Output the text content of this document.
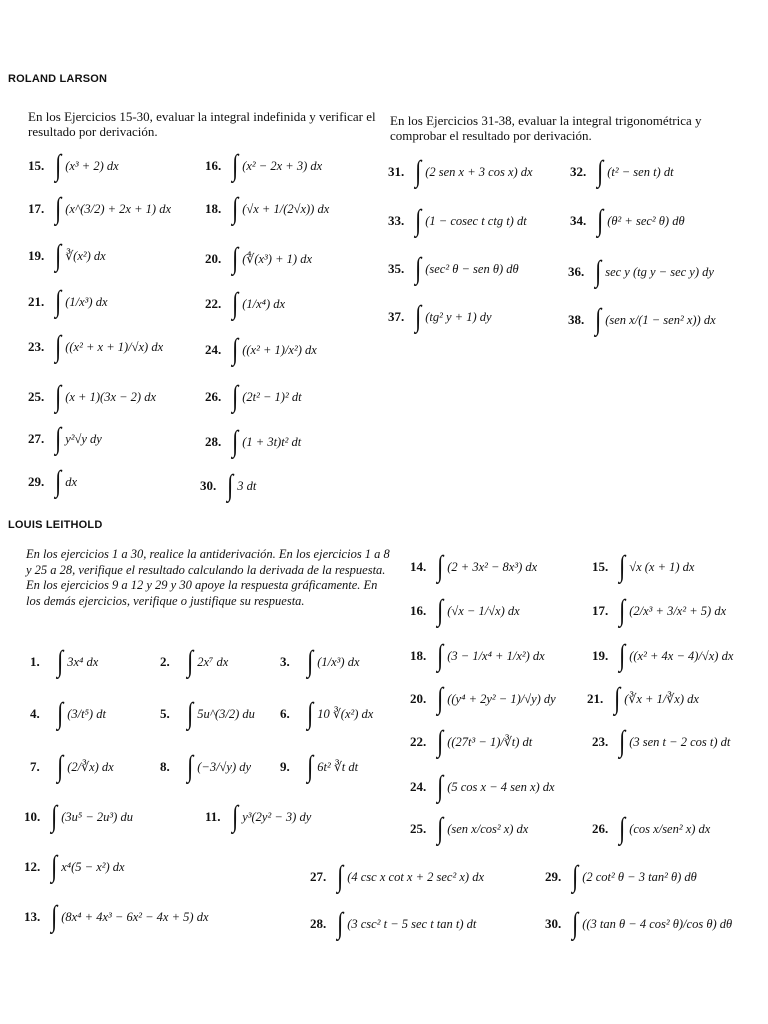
ROLAND LARSON

En los Ejercicios 15-30, evaluar la integral indefinida y verificar el resultado por derivación.

En los Ejercicios 31-38, evaluar la integral trigonométrica y comprobar el resultado por derivación.

15. ∫ (x³ + 2) dx	16. ∫ (x² − 2x + 3) dx
17. ∫ (x^(3/2) + 2x + 1) dx	18. ∫ (√x + 1/(2√x)) dx
19. ∫ ∛(x²) dx	20. ∫ (∜(x³) + 1) dx
21. ∫ (1/x³) dx	22. ∫ (1/x⁴) dx
23. ∫ ((x² + x + 1)/√x) dx	24. ∫ ((x² + 1)/x²) dx
25. ∫ (x + 1)(3x − 2) dx	26. ∫ (2t² − 1)² dt
27. ∫ y²√y dy	28. ∫ (1 + 3t)t² dt
29. ∫ dx	30. ∫ 3 dt
31. ∫ (2 sen x + 3 cos x) dx	32. ∫ (t² − sen t) dt
33. ∫ (1 − cosec t ctg t) dt	34. ∫ (θ² + sec² θ) dθ
35. ∫ (sec² θ − sen θ) dθ	36. ∫ sec y (tg y − sec y) dy
37. ∫ (tg² y + 1) dy	38. ∫ (sen x/(1 − sen² x)) dx
LOUIS LEITHOLD

En los ejercicios 1 a 30, realice la antiderivación. En los ejercicios 1 a 8 y 25 a 28, verifique el resultado calculando la derivada de la respuesta. En los ejercicios 9 a 12 y 29 y 30 apoye la respuesta gráficamente. En los demás ejercicios, verifique o justifique su respuesta.

1. ∫ 3x⁴ dx	2. ∫ 2x⁷ dx	3. ∫ (1/x³) dx
4. ∫ (3/t⁵) dt	5. ∫ 5u^(3/2) du 6. ∫ 10 ∛(x²) dx
7. ∫ (2/∛x) dx	8. ∫ (−3/√y) dy 9. ∫ 6t² ∛t dt
10. ∫ (3u⁵ − 2u³) du	11. ∫ y³(2y² − 3) dy
12. ∫ x⁴(5 − x²) dx
13. ∫ (8x⁴ + 4x³ − 6x² − 4x + 5) dx
14. ∫ (2 + 3x² − 8x³) dx	15. ∫ √x (x + 1) dx
16. ∫ (√x − 1/√x) dx	17. ∫ (2/x³ + 3/x² + 5) dx
18. ∫ (3 − 1/x⁴ + 1/x²) dx	19. ∫ ((x² + 4x − 4)/√x) dx
20. ∫ ((y⁴ + 2y² − 1)/√y) dy 21. ∫ (∛x + 1/∛x) dx
22. ∫ ((27t³ − 1)/∛t) dt	23. ∫ (3 sen t − 2 cos t) dt
24. ∫ (5 cos x − 4 sen x) dx
25. ∫ (sen x/cos² x) dx	26. ∫ (cos x/sen² x) dx
27. ∫ (4 csc x cot x + 2 sec² x) dx
28. ∫ (3 csc² t − 5 sec t tan t) dt
29. ∫ (2 cot² θ − 3 tan² θ) dθ
30. ∫ ((3 tan θ − 4 cos² θ)/cos θ) dθ
